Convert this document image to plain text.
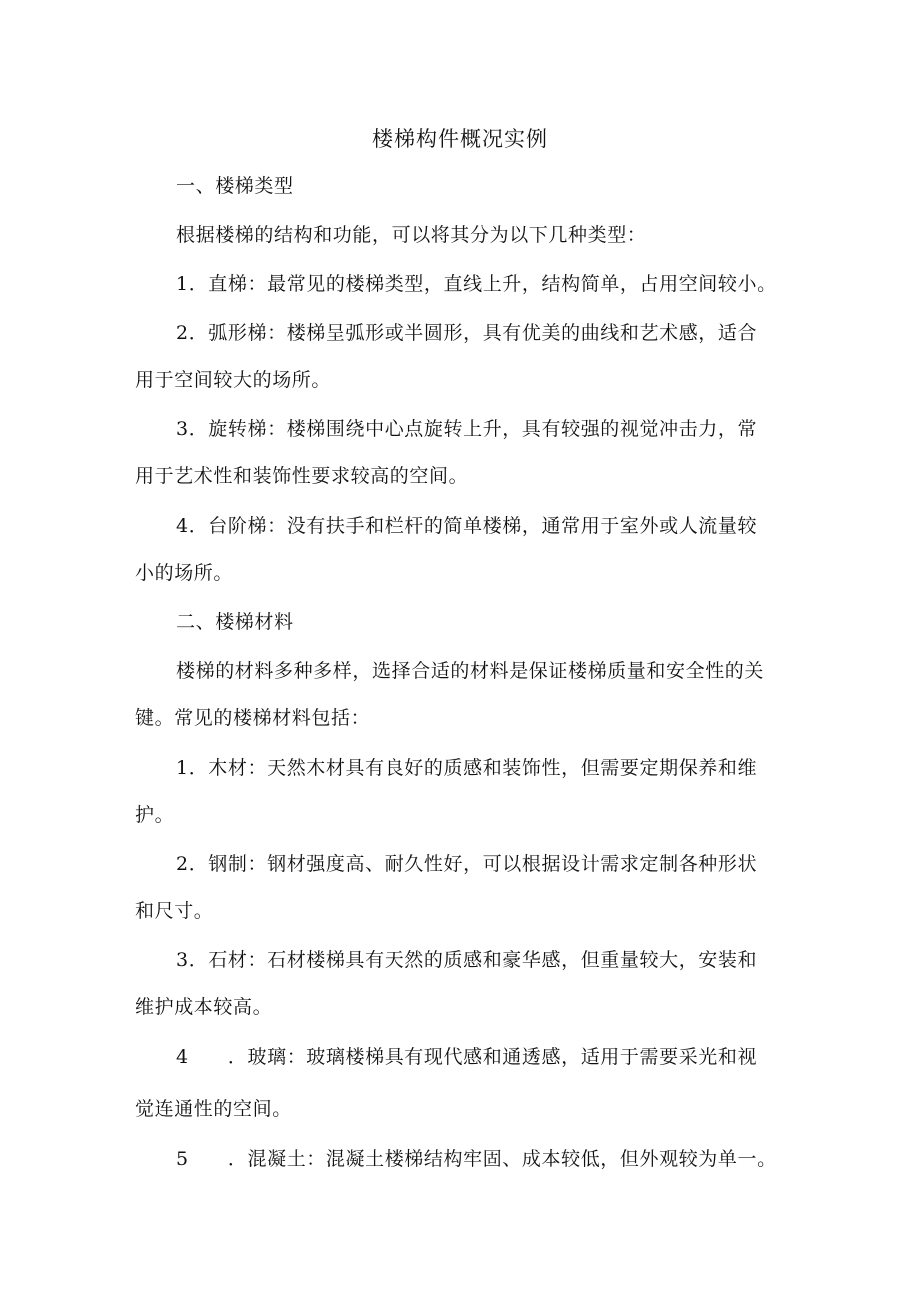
楼梯构件概况实例
一、楼梯类型
根据楼梯的结构和功能，可以将其分为以下几种类型：
1．直梯：最常见的楼梯类型，直线上升，结构简单，占用空间较小。
2．弧形梯：楼梯呈弧形或半圆形，具有优美的曲线和艺术感，适合
用于空间较大的场所。
3．旋转梯：楼梯围绕中心点旋转上升，具有较强的视觉冲击力，常
用于艺术性和装饰性要求较高的空间。
4．台阶梯：没有扶手和栏杆的简单楼梯，通常用于室外或人流量较
小的场所。
二、楼梯材料
楼梯的材料多种多样，选择合适的材料是保证楼梯质量和安全性的关
键。常见的楼梯材料包括：
1．木材：天然木材具有良好的质感和装饰性，但需要定期保养和维
护。
2．钢制：钢材强度高、耐久性好，可以根据设计需求定制各种形状
和尺寸。
3．石材：石材楼梯具有天然的质感和豪华感，但重量较大，安装和
维护成本较高。
4　　．玻璃：玻璃楼梯具有现代感和通透感，适用于需要采光和视
觉连通性的空间。
5　　．混凝土：混凝土楼梯结构牢固、成本较低，但外观较为单一。
